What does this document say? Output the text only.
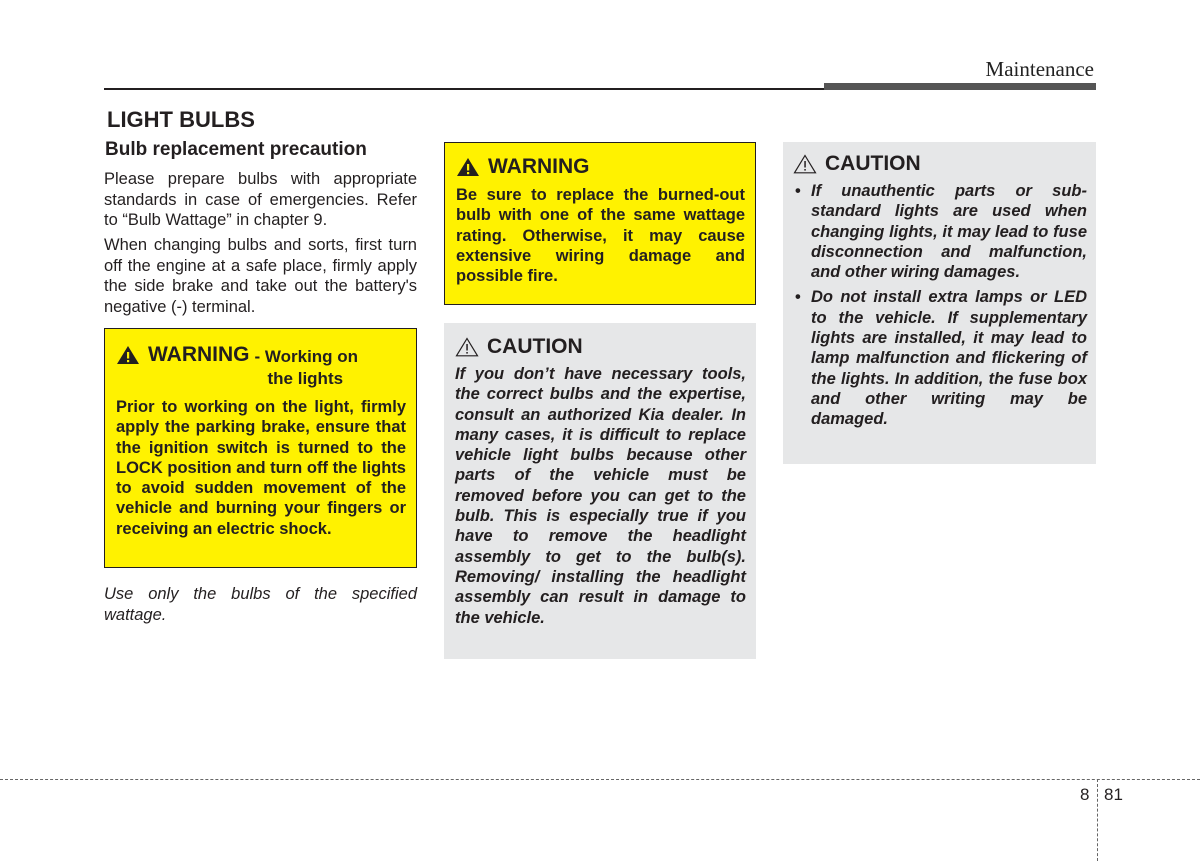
Maintenance
LIGHT BULBS
Bulb replacement precaution

Please prepare bulbs with appropriate standards in case of emergencies. Refer to “Bulb Wattage” in chapter 9.

When changing bulbs and sorts, first turn off the engine at a safe place, firmly apply the side brake and take out the battery's negative (-) terminal.

WARNING - Working on
the lights

Prior to working on the light, firmly apply the parking brake, ensure that the ignition switch is turned to the LOCK position and turn off the lights to avoid sudden movement of the vehicle and burning your fingers or receiving an electric shock.

Use only the bulbs of the specified wattage.

WARNING

Be sure to replace the burned-out bulb with one of the same wattage rating. Otherwise, it may cause extensive wiring damage and possible fire.

CAUTION

If you don’t have necessary tools, the correct bulbs and the expertise, consult an authorized Kia dealer. In many cases, it is difficult to replace vehicle light bulbs because other parts of the vehicle must be removed before you can get to the bulb. This is especially true if you have to remove the headlight assembly to get to the bulb(s). Removing/ installing the headlight assembly can result in damage to the vehicle.

CAUTION
• If unauthentic parts or sub-standard lights are used when changing lights, it may lead to fuse disconnection and malfunction, and other wiring damages.
• Do not install extra lamps or LED to the vehicle. If supplementary lights are installed, it may lead to lamp malfunction and flickering of the lights. In addition, the fuse box and other writing may be damaged.
8 81
